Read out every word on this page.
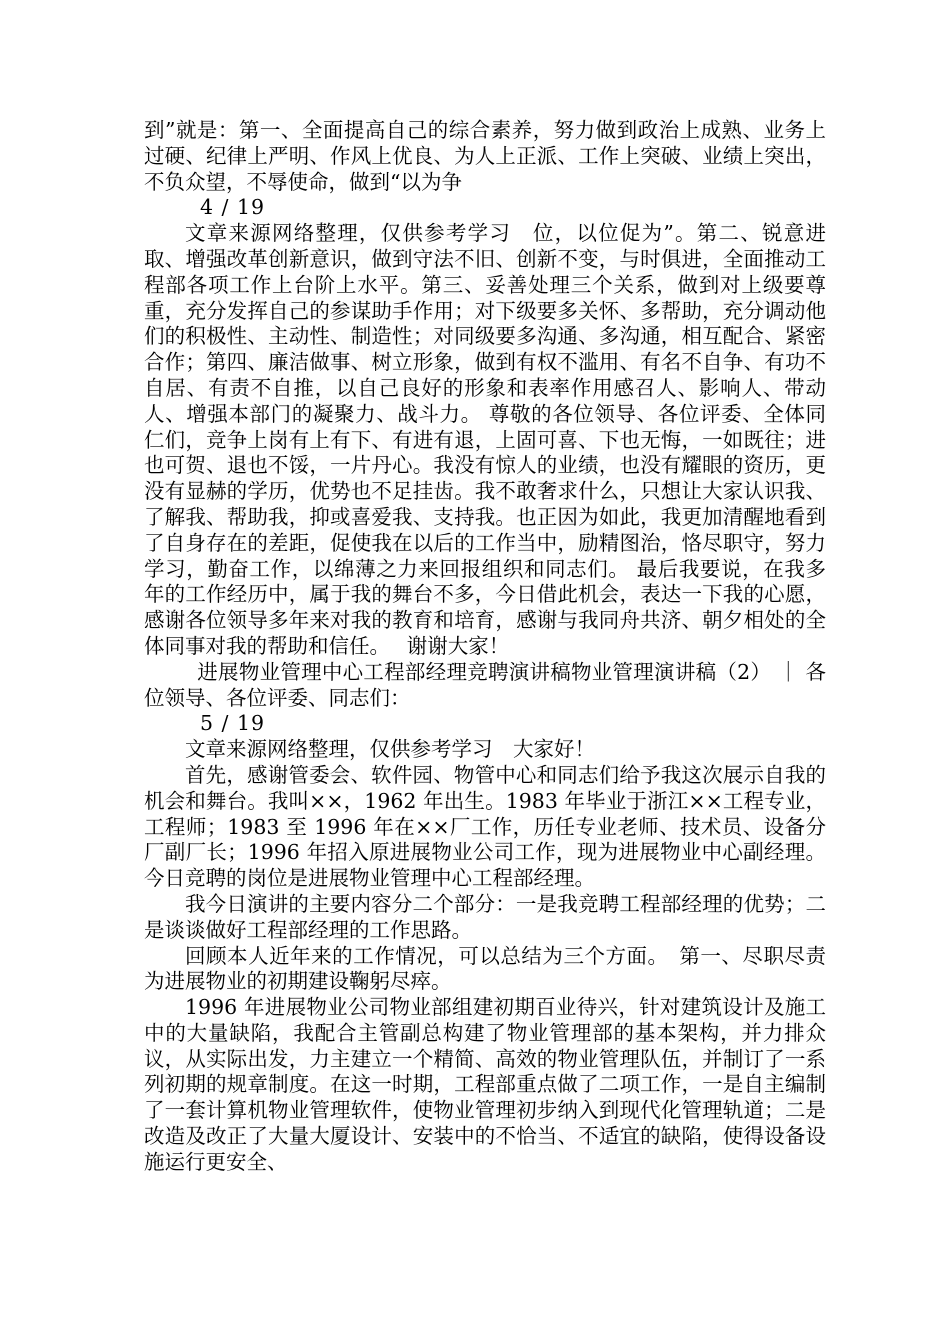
到”就是：第一、全面提高自己的综合素养，努力做到政治上成熟、业务上过硬、纪律上严明、作风上优良、为人上正派、工作上突破、业绩上突出，不负众望，不辱使命，做到“以为争

4 / 19

文章来源网络整理，仅供参考学习　位，以位促为”。第二、锐意进取、增强改革创新意识，做到守法不旧、创新不变，与时俱进，全面推动工程部各项工作上台阶上水平。第三、妥善处理三个关系，做到对上级要尊重，充分发挥自己的参谋助手作用；对下级要多关怀、多帮助，充分调动他们的积极性、主动性、制造性；对同级要多沟通、多沟通，相互配合、紧密合作；第四、廉洁做事、树立形象，做到有权不滥用、有名不自争、有功不自居、有责不自推，以自己良好的形象和表率作用感召人、影响人、带动人、增强本部门的凝聚力、战斗力。 尊敬的各位领导、各位评委、全体同仁们，竞争上岗有上有下、有进有退，上固可喜、下也无悔，一如既往；进也可贺、退也不馁，一片丹心。我没有惊人的业绩，也没有耀眼的资历，更没有显赫的学历，优势也不足挂齿。我不敢奢求什么，只想让大家认识我、了解我、帮助我，抑或喜爱我、支持我。也正因为如此，我更加清醒地看到了自身存在的差距，促使我在以后的工作当中，励精图治，恪尽职守，努力学习，勤奋工作，以绵薄之力来回报组织和同志们。 最后我要说，在我多年的工作经历中，属于我的舞台不多，今日借此机会，表达一下我的心愿，感谢各位领导多年来对我的教育和培育，感谢与我同舟共济、朝夕相处的全体同事对我的帮助和信任。　 谢谢大家！

进展物业管理中心工程部经理竞聘演讲稿物业管理演讲稿（2） ｜ 各位领导、各位评委、同志们：

5 / 19

文章来源网络整理，仅供参考学习　大家好！

首先，感谢管委会、软件园、物管中心和同志们给予我这次展示自我的机会和舞台。我叫××，1962 年出生。1983 年毕业于浙江××工程专业，工程师；1983 至 1996 年在××厂工作，历任专业老师、技术员、设备分厂副厂长；1996 年招入原进展物业公司工作，现为进展物业中心副经理。今日竞聘的岗位是进展物业管理中心工程部经理。

我今日演讲的主要内容分二个部分：一是我竞聘工程部经理的优势；二是谈谈做好工程部经理的工作思路。

回顾本人近年来的工作情况，可以总结为三个方面。　第一、尽职尽责为进展物业的初期建设鞠躬尽瘁。

1996 年进展物业公司物业部组建初期百业待兴，针对建筑设计及施工中的大量缺陷，我配合主管副总构建了物业管理部的基本架构，并力排众议，从实际出发，力主建立一个精简、高效的物业管理队伍，并制订了一系列初期的规章制度。在这一时期，工程部重点做了二项工作，一是自主编制了一套计算机物业管理软件，使物业管理初步纳入到现代化管理轨道；二是改造及改正了大量大厦设计、安装中的不恰当、不适宜的缺陷，使得设备设施运行更安全、
